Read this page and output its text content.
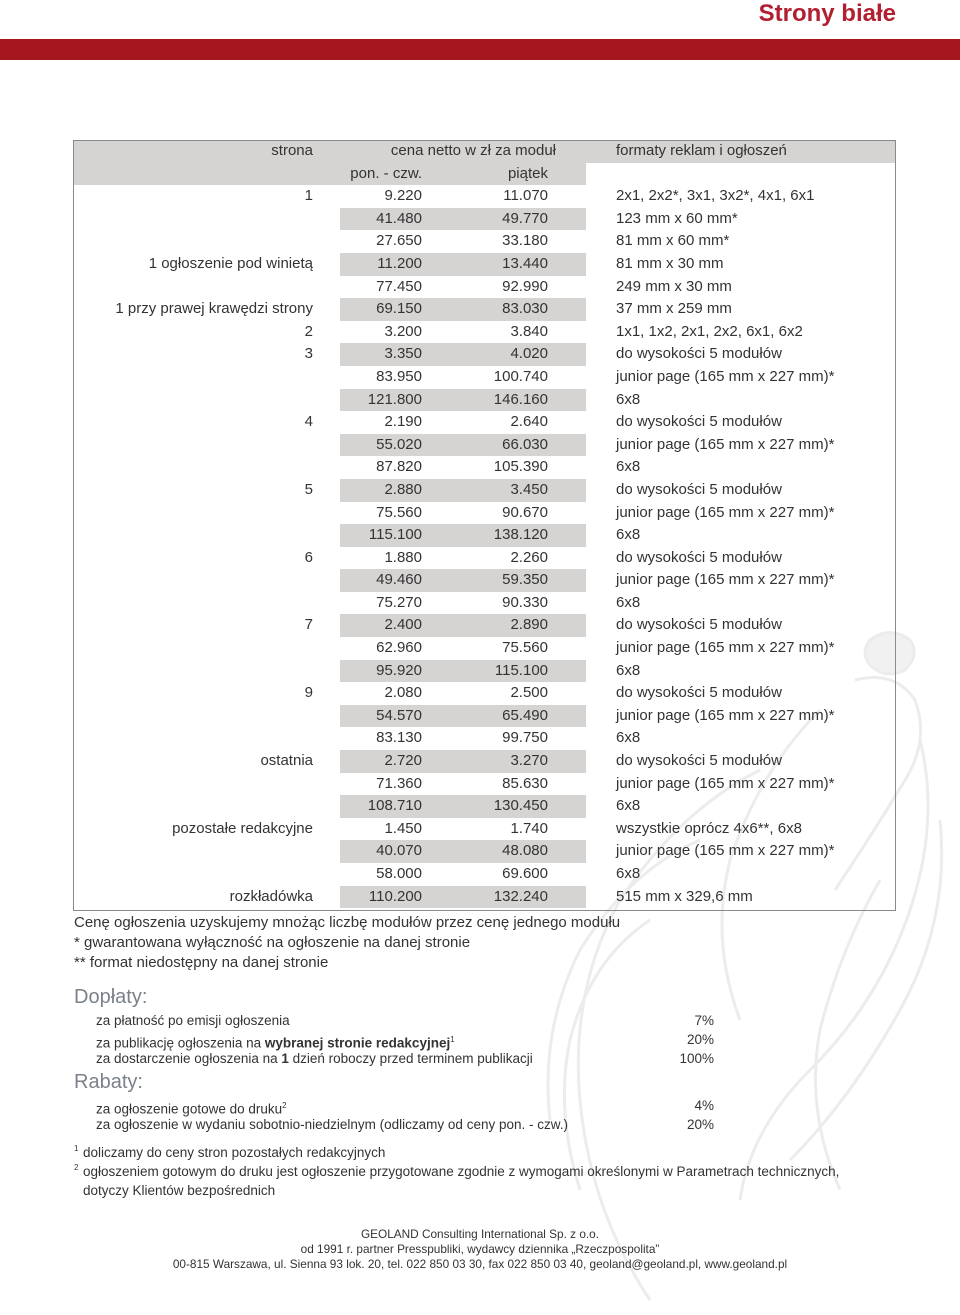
Strony białe
strona	cena netto w zł za moduł		formaty reklam i ogłoszeń
	pon. - czw.	piątek	
1	9.220	11.070	2x1, 2x2*, 3x1, 3x2*, 4x1, 6x1
	41.480	49.770	123 mm x 60 mm*
	27.650	33.180	81 mm x 60 mm*
1 ogłoszenie pod winietą	11.200	13.440	81 mm x 30 mm
	77.450	92.990	249 mm x 30 mm
1 przy prawej krawędzi strony	69.150	83.030	37 mm x 259 mm
2	3.200	3.840	1x1, 1x2, 2x1, 2x2, 6x1, 6x2
3	3.350	4.020	do wysokości 5 modułów
	83.950	100.740	junior page (165 mm x 227 mm)*
	121.800	146.160	6x8
4	2.190	2.640	do wysokości 5 modułów
	55.020	66.030	junior page (165 mm x 227 mm)*
	87.820	105.390	6x8
5	2.880	3.450	do wysokości 5 modułów
	75.560	90.670	junior page (165 mm x 227 mm)*
	115.100	138.120	6x8
6	1.880	2.260	do wysokości 5 modułów
	49.460	59.350	junior page (165 mm x 227 mm)*
	75.270	90.330	6x8
7	2.400	2.890	do wysokości 5 modułów
	62.960	75.560	junior page (165 mm x 227 mm)*
	95.920	115.100	6x8
9	2.080	2.500	do wysokości 5 modułów
	54.570	65.490	junior page (165 mm x 227 mm)*
	83.130	99.750	6x8
ostatnia	2.720	3.270	do wysokości 5 modułów
	71.360	85.630	junior page (165 mm x 227 mm)*
	108.710	130.450	6x8
pozostałe redakcyjne	1.450	1.740	wszystkie oprócz 4x6**, 6x8
	40.070	48.080	junior page (165 mm x 227 mm)*
	58.000	69.600	6x8
rozkładówka	110.200	132.240	515 mm x 329,6 mm
Cenę ogłoszenia uzyskujemy mnożąc liczbę modułów przez cenę jednego modułu
* gwarantowana wyłączność na ogłoszenie na danej stronie
** format niedostępny na danej stronie
Dopłaty:
za płatność po emisji ogłoszenia	7%
za publikację ogłoszenia na wybranej stronie redakcyjnej$^1$	20%
za dostarczenie ogłoszenia na 1 dzień roboczy przed terminem publikacji	100%
Rabaty:
za ogłoszenie gotowe do druku$^2$	4%
za ogłoszenie w wydaniu sobotnio-niedzielnym (odliczamy od ceny pon. - czw.)	20%
1 doliczamy do ceny stron pozostałych redakcyjnych
2 ogłoszeniem gotowym do druku jest ogłoszenie przygotowane zgodnie z wymogami określonymi w Parametrach technicznych,
dotyczy Klientów bezpośrednich
GEOLAND Consulting International Sp. z o.o.
od 1991 r. partner Presspubliki, wydawcy dziennika „Rzeczpospolita”
00-815 Warszawa, ul. Sienna 93 lok. 20, tel. 022 850 03 30, fax 022 850 03 40, geoland@geoland.pl, www.geoland.pl
